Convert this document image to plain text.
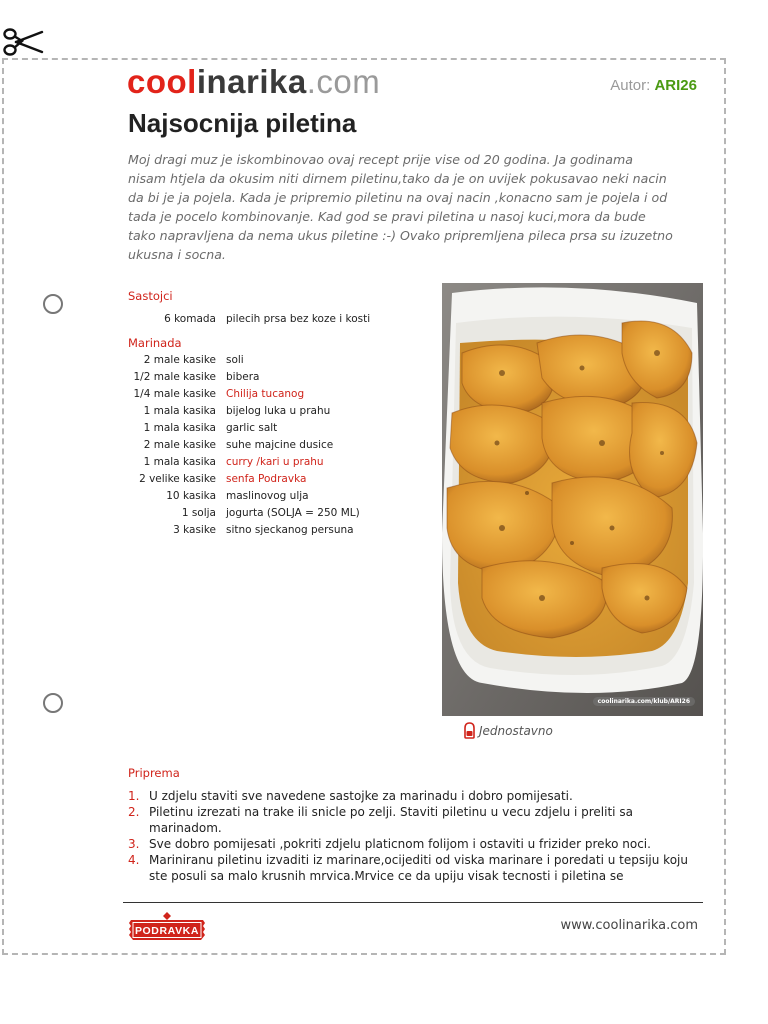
coolinarika.com	Autor: ARI26
Najsocnija piletina

Moj dragi muz je iskombinovao ovaj recept prije vise od 20 godina. Ja godinama nisam htjela da okusim niti dirnem piletinu,tako da je on uvijek pokusavao neki nacin da bi je ja pojela. Kada je pripremio piletinu na ovaj nacin ,konacno sam je pojela i od tada je pocelo kombinovanje. Kad god se pravi piletina u nasoj kuci,mora da bude tako napravljena da nema ukus piletine :-) Ovako pripremljena pileca prsa su izuzetno ukusna i socna.

Sastojci
6 komada	pilecih prsa bez koze i kosti
Marinada
2 male kasike	soli
1/2 male kasike	bibera
1/4 male kasike	Chilija tucanog
1 mala kasika	bijelog luka u prahu
1 mala kasika	garlic salt
2 male kasike	suhe majcine dusice
1 mala kasika	curry /kari u prahu
2 velike kasike	senfa Podravka
10 kasika	maslinovog ulja
1 solja	jogurta (SOLJA = 250 ML)
3 kasike	sitno sjeckanog persuna
coolinarika.com/klub/ARI26
Jednostavno
Priprema
1. U zdjelu staviti sve navedene sastojke za marinadu i dobro pomijesati.
2. Piletinu izrezati na trake ili snicle po zelji. Staviti piletinu u vecu zdjelu i preliti sa marinadom.
3. Sve dobro pomijesati ,pokriti zdjelu platicnom folijom i ostaviti u frizider preko noci.
4. Mariniranu piletinu izvaditi iz marinare,ocijediti od viska marinare i poredati u tepsiju koju ste posuli sa malo krusnih mrvica.Mrvice ce da upiju visak tecnosti i piletina se
PODRAVKA	www.coolinarika.com
